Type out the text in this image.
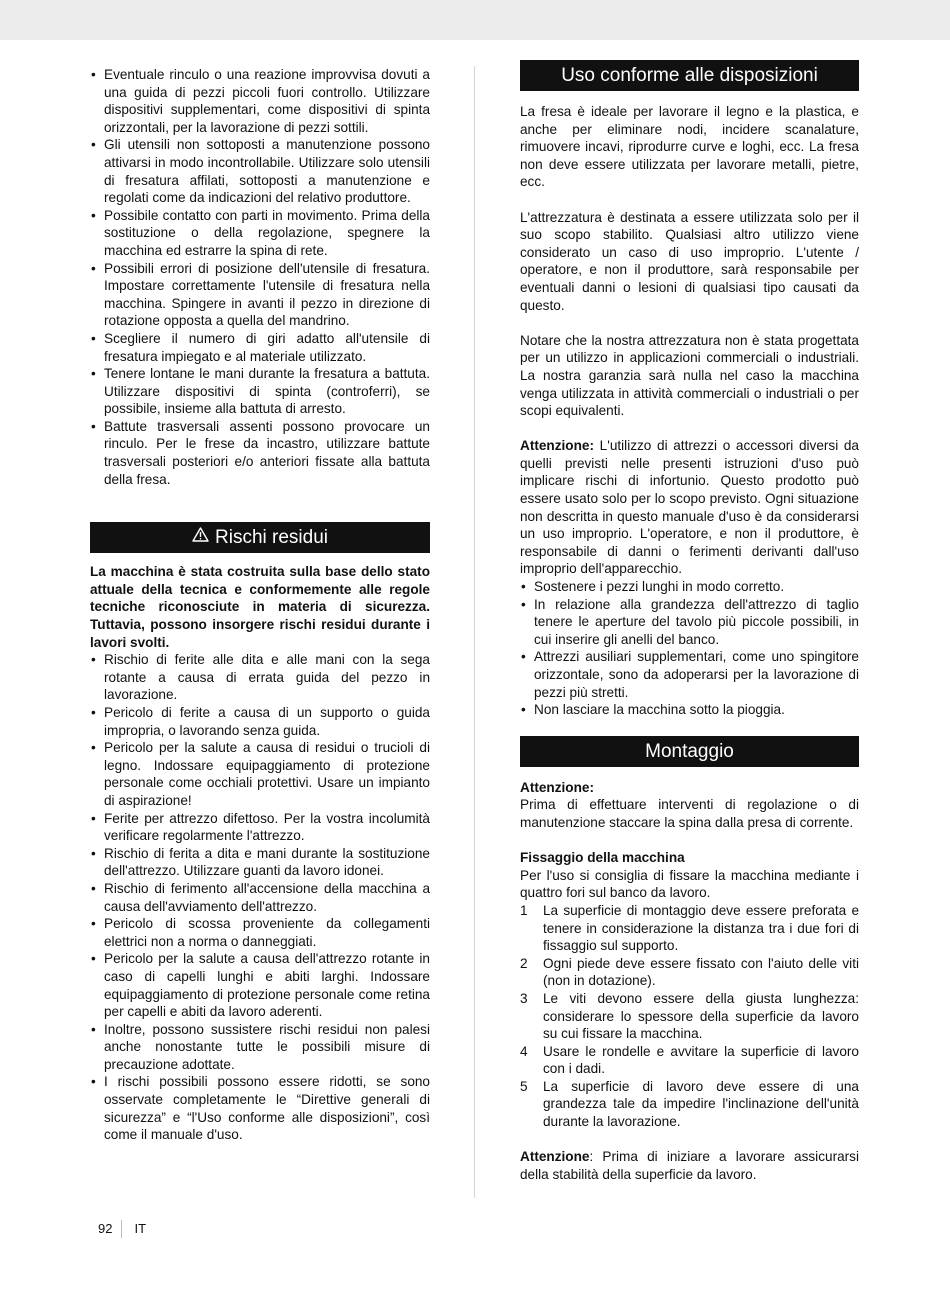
• Eventuale rinculo o una reazione improvvisa dovuti a una guida di pezzi piccoli fuori controllo. Utilizzare dispositivi supplementari, come dispositivi di spinta orizzontali, per la lavorazione di pezzi sottili.
• Gli utensili non sottoposti a manutenzione possono attivarsi in modo incontrollabile. Utilizzare solo utensili di fresatura affilati, sottoposti a manutenzione e regolati come da indicazioni del relativo produttore.
• Possibile contatto con parti in movimento. Prima della sostituzione o della regolazione, spegnere la macchina ed estrarre la spina di rete.
• Possibili errori di posizione dell'utensile di fresatura. Impostare correttamente l'utensile di fresatura nella macchina. Spingere in avanti il pezzo in direzione di rotazione opposta a quella del mandrino.
• Scegliere il numero di giri adatto all'utensile di fresatura impiegato e al materiale utilizzato.
• Tenere lontane le mani durante la fresatura a battuta. Utilizzare dispositivi di spinta (controferri), se possibile, insieme alla battuta di arresto.
• Battute trasversali assenti possono provocare un rinculo. Per le frese da incastro, utilizzare battute trasversali posteriori e/o anteriori fissate alla battuta della fresa.
Rischi residui

La macchina è stata costruita sulla base dello stato attuale della tecnica e conformemente alle regole tecniche riconosciute in materia di sicurezza. Tuttavia, possono insorgere rischi residui durante i lavori svolti.

• Rischio di ferite alle dita e alle mani con la sega rotante a causa di errata guida del pezzo in lavorazione.
• Pericolo di ferite a causa di un supporto o guida impropria, o lavorando senza guida.
• Pericolo per la salute a causa di residui o trucioli di legno. Indossare equipaggiamento di protezione personale come occhiali protettivi. Usare un impianto di aspirazione!
• Ferite per attrezzo difettoso. Per la vostra incolumità verificare regolarmente l'attrezzo.
• Rischio di ferita a dita e mani durante la sostituzione dell'attrezzo. Utilizzare guanti da lavoro idonei.
• Rischio di ferimento all'accensione della macchina a causa dell'avviamento dell'attrezzo.
• Pericolo di scossa proveniente da collegamenti elettrici non a norma o danneggiati.
• Pericolo per la salute a causa dell'attrezzo rotante in caso di capelli lunghi e abiti larghi. Indossare equipaggiamento di protezione personale come retina per capelli e abiti da lavoro aderenti.
• Inoltre, possono sussistere rischi residui non palesi anche nonostante tutte le possibili misure di precauzione adottate.
• I rischi possibili possono essere ridotti, se sono osservate completamente le “Direttive generali di sicurezza” e “l'Uso conforme alle disposizioni”, così come il manuale d'uso.
Uso conforme alle disposizioni

La fresa è ideale per lavorare il legno e la plastica, e anche per eliminare nodi, incidere scanalature, rimuovere incavi, riprodurre curve e loghi, ecc. La fresa non deve essere utilizzata per lavorare metalli, pietre, ecc.

L'attrezzatura è destinata a essere utilizzata solo per il suo scopo stabilito. Qualsiasi altro utilizzo viene considerato un caso di uso improprio. L'utente / operatore, e non il produttore, sarà responsabile per eventuali danni o lesioni di qualsiasi tipo causati da questo.

Notare che la nostra attrezzatura non è stata progettata per un utilizzo in applicazioni commerciali o industriali. La nostra garanzia sarà nulla nel caso la macchina venga utilizzata in attività commerciali o industriali o per scopi equivalenti.

Attenzione: L'utilizzo di attrezzi o accessori diversi da quelli previsti nelle presenti istruzioni d'uso può implicare rischi di infortunio. Questo prodotto può essere usato solo per lo scopo previsto. Ogni situazione non descritta in questo manuale d'uso è da considerarsi un uso improprio. L'operatore, e non il produttore, è responsabile di danni o ferimenti derivanti dall'uso improprio dell'apparecchio.

• Sostenere i pezzi lunghi in modo corretto.
• In relazione alla grandezza dell'attrezzo di taglio tenere le aperture del tavolo più piccole possibili, in cui inserire gli anelli del banco.
• Attrezzi ausiliari supplementari, come uno spingitore orizzontale, sono da adoperarsi per la lavorazione di pezzi più stretti.
• Non lasciare la macchina sotto la pioggia.
Montaggio

Attenzione:

Prima di effettuare interventi di regolazione o di manutenzione staccare la spina dalla presa di corrente.

Fissaggio della macchina

Per l'uso si consiglia di fissare la macchina mediante i quattro fori sul banco da lavoro.

1 La superficie di montaggio deve essere preforata e tenere in considerazione la distanza tra i due fori di fissaggio sul supporto.
2 Ogni piede deve essere fissato con l'aiuto delle viti (non in dotazione).
3 Le viti devono essere della giusta lunghezza: considerare lo spessore della superficie da lavoro su cui fissare la macchina.
4 Usare le rondelle e avvitare la superficie di lavoro con i dadi.
5 La superficie di lavoro deve essere di una grandezza tale da impedire l'inclinazione dell'unità durante la lavorazione.

Attenzione: Prima di iniziare a lavorare assicurarsi della stabilità della superficie da lavoro.

92 IT
